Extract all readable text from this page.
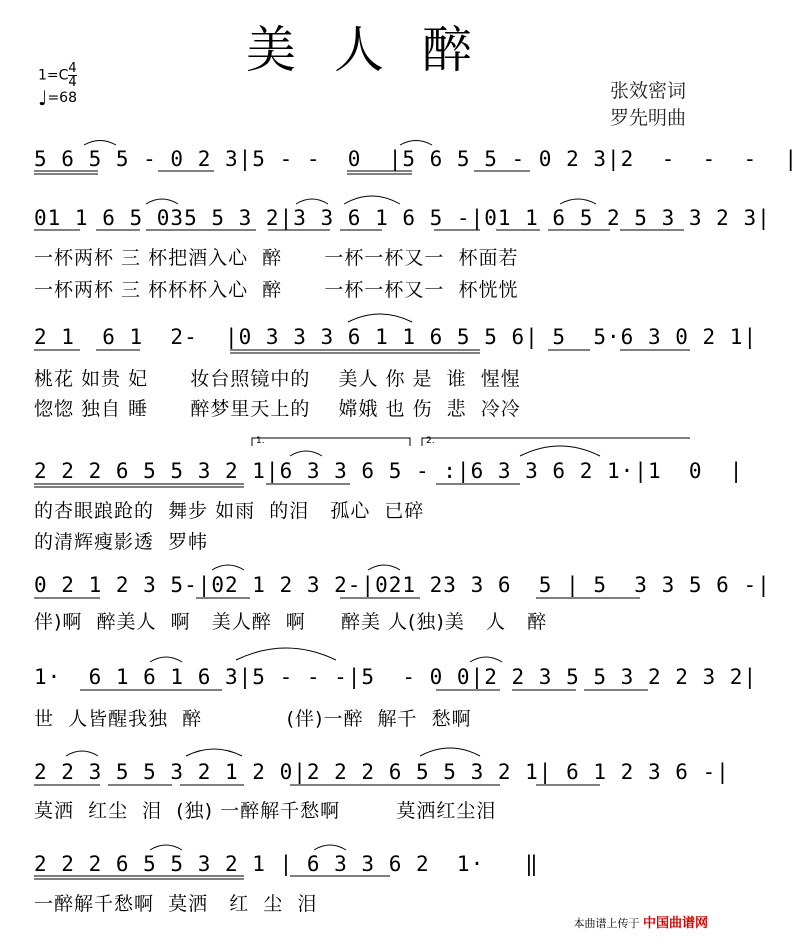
美人醉
$1=C \frac{4}{4}$
♩=68	张效密词
罗先明曲
5 6 5 5 - 0 2 3|5 - -  0  |5 6 5 5 - 0 2 3|2  -  -  -  |
01 1 6 5 035 5 3 2|3 3 6 1 6 5 -|01 1 6 5 2 5 3 3 2 3|
一杯两杯 三 杯把酒入心  醉      一杯一杯又一  杯面若
一杯两杯 三 杯杯杯入心  醉      一杯一杯又一  杯恍恍
2 1  6 1  2-  |0 3 3 3 6 1 1 6 5 5 6| 5  5·6 3 0 2 1|
桃花 如贵 妃      妆台照镜中的    美人 你 是  谁  惺惺
惚惚 独自 睡      醉梦里天上的    嫦娥 也 伤  悲  冷冷
2 2 2 6 5 5 3 2 1|6 3 3 6 5 - :|6 3 3 6 2 1·|1  0  |
的杏眼踉跄的  舞步 如雨  的泪   孤心  已碎
的清辉瘦影透  罗帏
1.	2.
0 2 1 2 3 5-|02 1 2 3 2-|021 23 3 6  5 | 5  3 3 5 6 -|
伴)啊  醉美人  啊   美人醉  啊     醉美 人(独)美   人   醉
1·  6 1 6 1 6 3|5 - - -|5  - 0 0|2 2 3 5 5 3 2 2 3 2|
世  人皆醒我独  醉            (伴)一醉  解千  愁啊
2 2 3 5 5 3 2 1 2 0|2 2 2 6 5 5 3 2 1| 6 1 2 3 6 -|
莫洒  红尘  泪  (独) 一醉解千愁啊        莫洒红尘泪
2 2 2 6 5 5 3 2 1 | 6 3 3 6 2  1·   ‖
一醉解千愁啊  莫洒   红  尘  泪
本曲谱上传于 中国曲谱网
